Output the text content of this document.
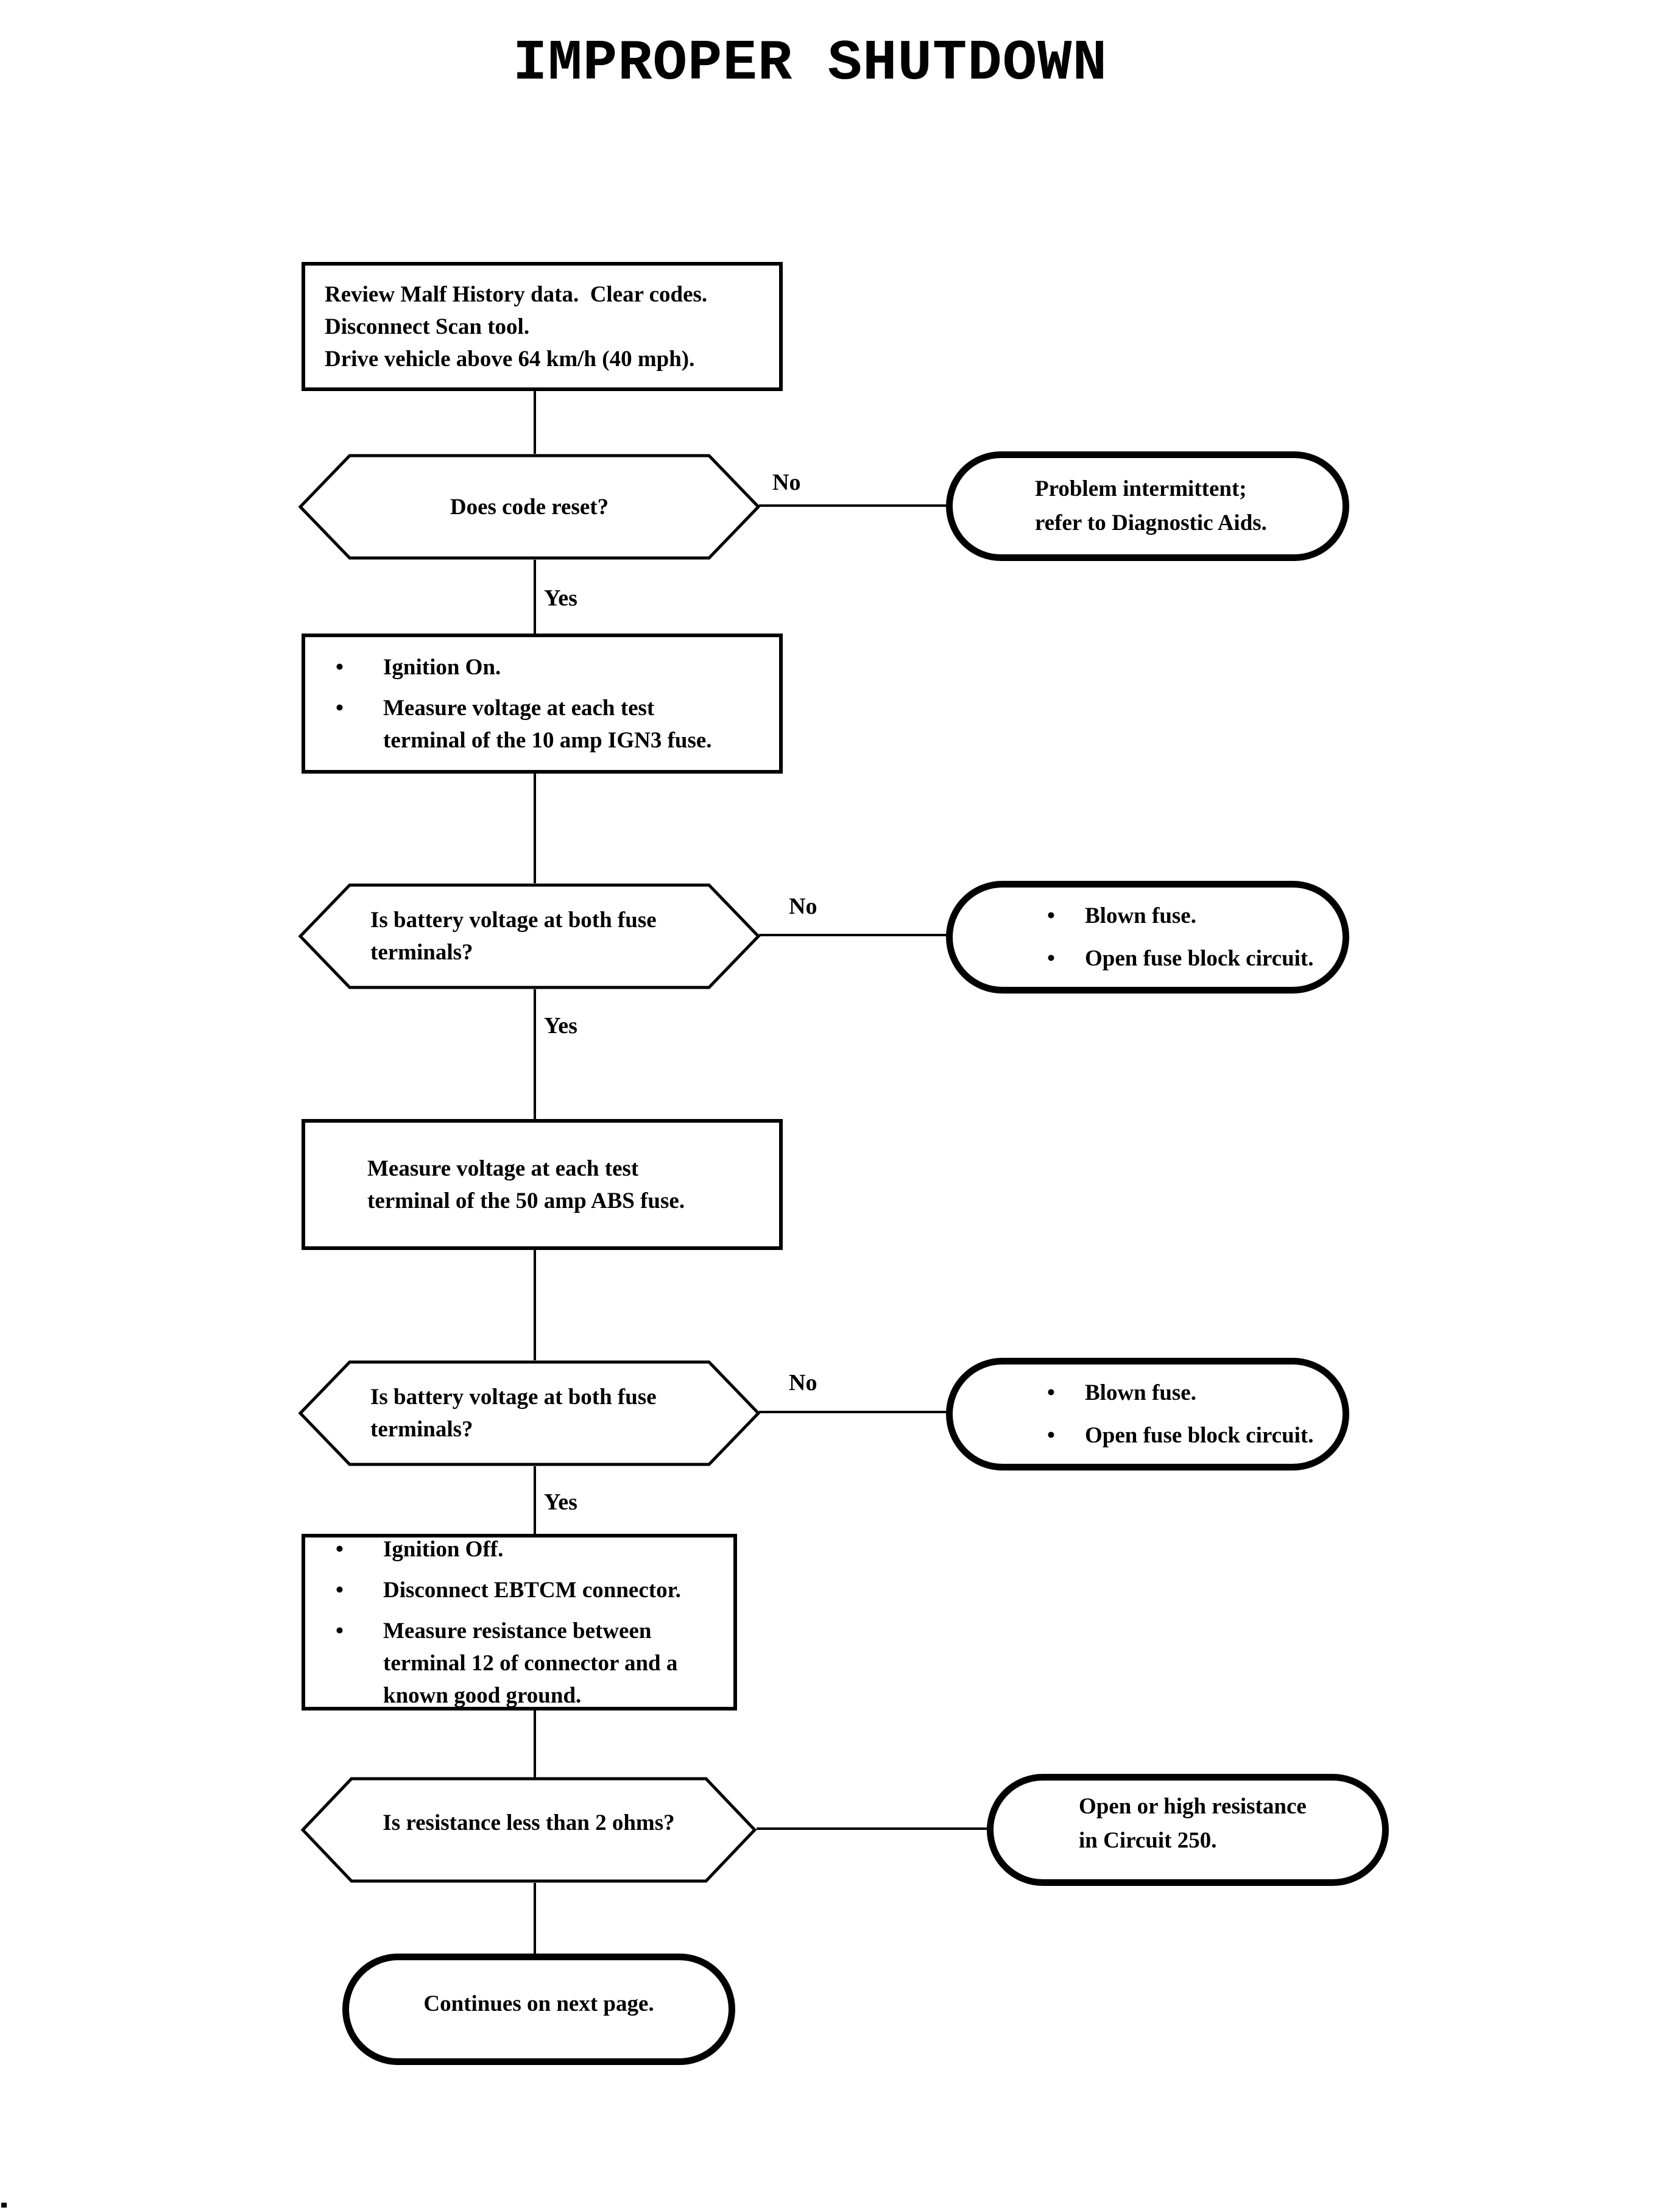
IMPROPER SHUTDOWN
Review Malf History data.  Clear codes.
Disconnect Scan tool.
Drive vehicle above 64 km/h (40 mph).
Does code reset?
No	Problem intermittent;
refer to Diagnostic Aids.
Yes
•	Ignition On.
•	Measure voltage at each test
terminal of the 10 amp IGN3 fuse.
Is battery voltage at both fuse
terminals?
No	•	Blown fuse.
•	Open fuse block circuit.
Yes
Measure voltage at each test
terminal of the 50 amp ABS fuse.
Is battery voltage at both fuse
terminals?
No	•	Blown fuse.
•	Open fuse block circuit.
Yes
•	Ignition Off.
•	Disconnect EBTCM connector.
•	Measure resistance between
terminal 12 of connector and a
known good ground.
Is resistance less than 2 ohms?
Open or high resistance
in Circuit 250.
Continues on next page.
